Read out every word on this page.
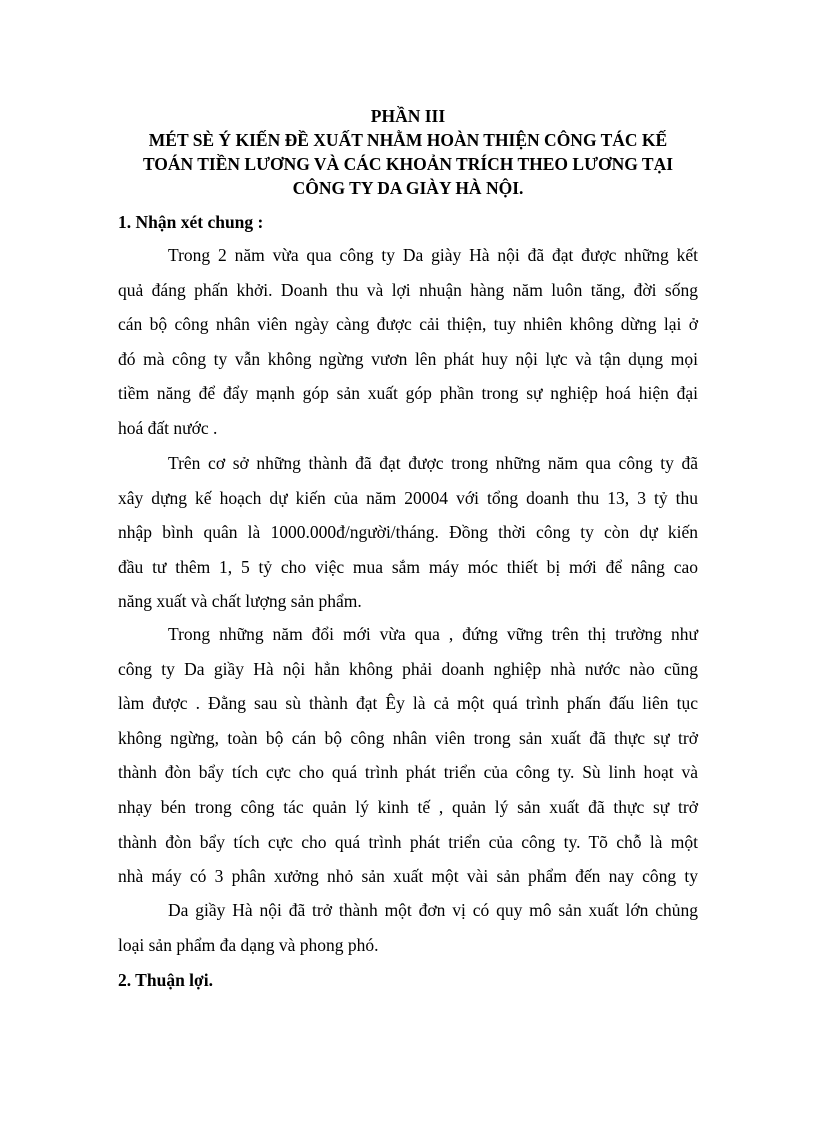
PHẦN III
MÉT SÈ Ý KIẾN ĐỀ XUẤT NHẰM HOÀN THIỆN CÔNG TÁC KẾ
TOÁN TIỀN LƯƠNG VÀ CÁC KHOẢN TRÍCH THEO LƯƠNG TẠI
CÔNG TY DA GIÀY HÀ NỘI.
1. Nhận xét chung :
Trong 2 năm vừa qua công ty Da giày Hà nội đã đạt được những kết
quả đáng phấn khởi. Doanh thu và lợi nhuận hàng năm luôn tăng, đời sống
cán bộ công nhân viên ngày càng được cải thiện, tuy nhiên không dừng lại ở
đó mà công ty vẫn không ngừng vươn lên phát huy nội lực và tận dụng mọi
tiềm năng để đẩy mạnh góp sản xuất góp phần trong sự nghiệp hoá hiện đại
hoá đất nước .
Trên cơ sở những thành đã đạt được trong những năm qua công ty đã
xây dựng kế hoạch dự kiến của năm 20004 với tổng doanh thu 13, 3 tỷ thu
nhập bình quân là 1000.000đ/người/tháng. Đồng thời công ty còn dự kiến
đầu tư thêm 1, 5 tỷ cho việc mua sắm máy móc thiết bị mới để nâng cao
năng xuất và chất lượng sản phẩm.
Trong những năm đổi mới vừa qua , đứng vững trên thị trường như
công ty Da giầy Hà nội hẳn không phải doanh nghiệp nhà nước nào cũng
làm được . Đằng sau sù thành đạt Êy là cả một quá trình phấn đấu liên tục
không ngừng, toàn bộ cán bộ công nhân viên trong sản xuất đã thực sự trở
thành đòn bẩy tích cực cho quá trình phát triển của công ty. Sù linh hoạt và
nhạy bén trong công tác quản lý kinh tế , quản lý sản xuất đã thực sự trở
thành đòn bẩy tích cực cho quá trình phát triển của công ty. Tõ chỗ là một
nhà máy có 3 phân xưởng nhỏ sản xuất một vài sản phẩm đến nay công ty
Da giầy Hà nội đã trở thành một đơn vị có quy mô sản xuất lớn chủng
loại sản phẩm đa dạng và phong phó.
2. Thuận lợi.
